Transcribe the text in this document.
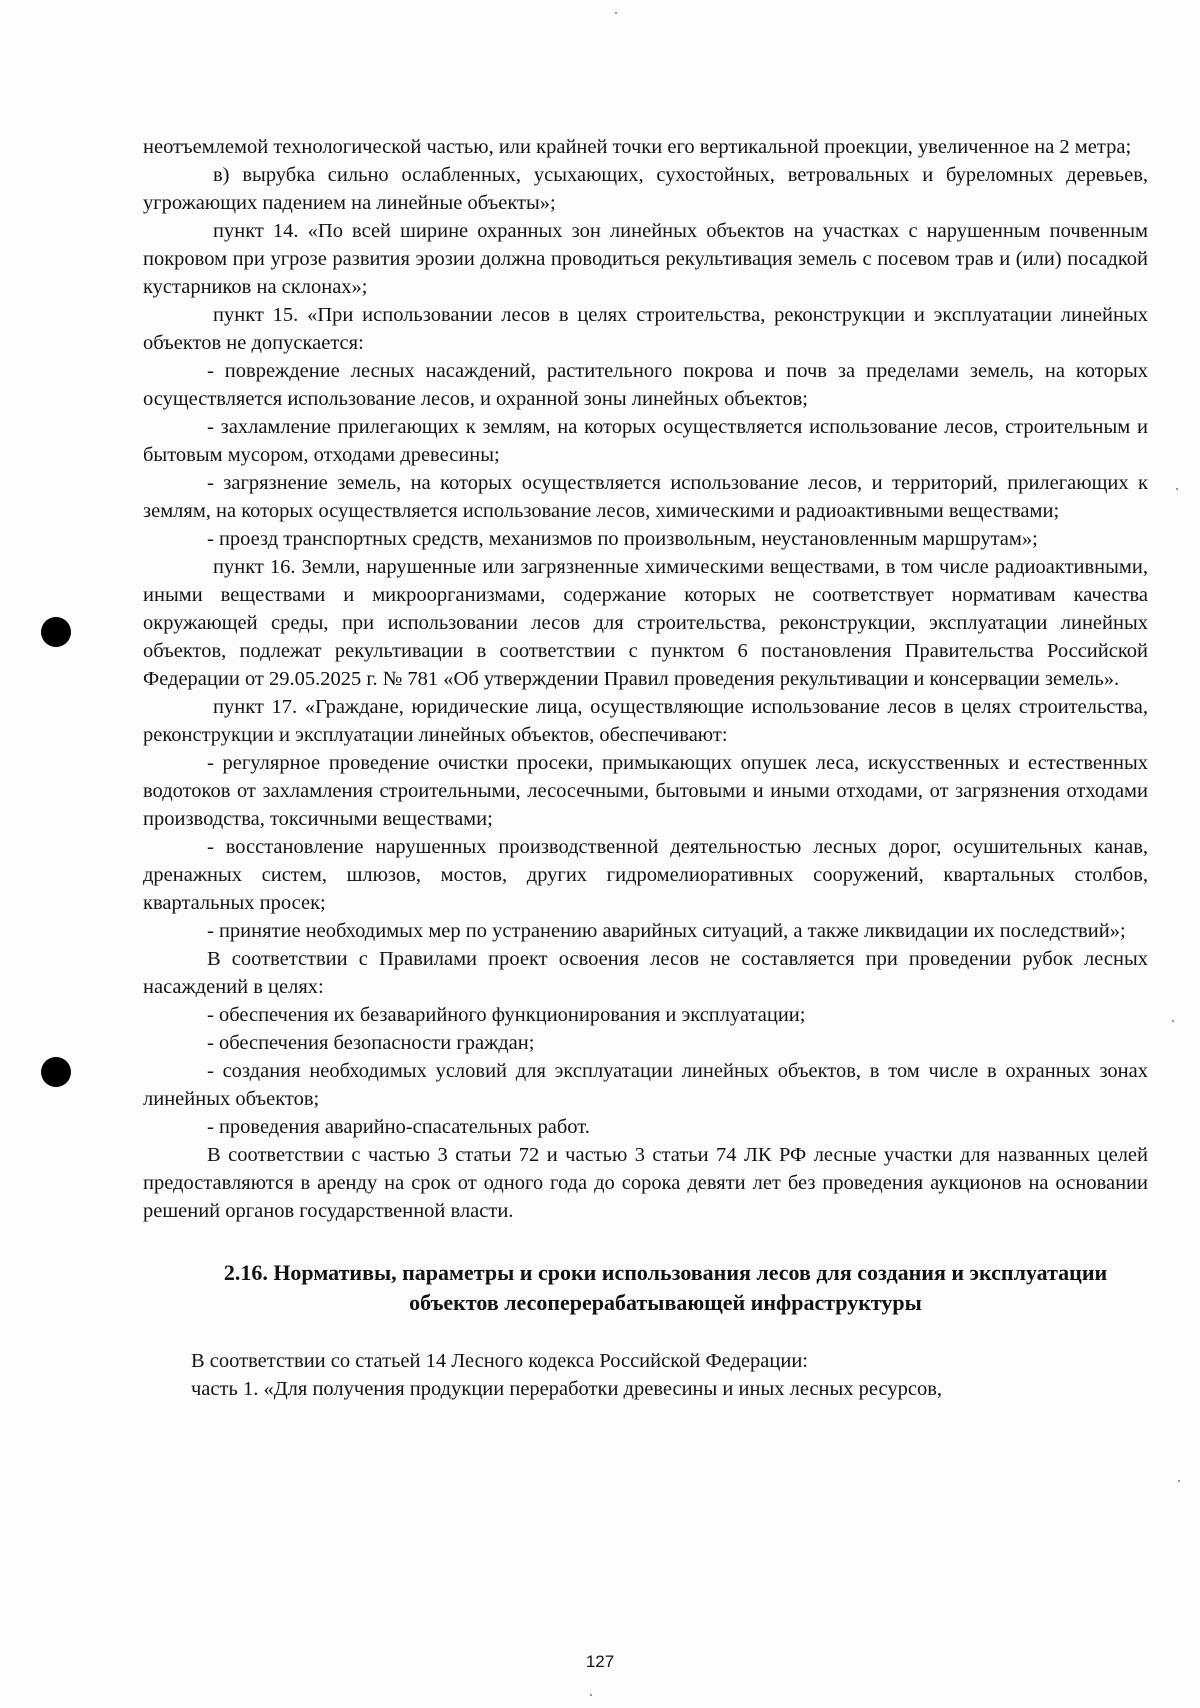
неотъемлемой технологической частью, или крайней точки его вертикальной проекции, увеличенное на 2 метра;

в) вырубка сильно ослабленных, усыхающих, сухостойных, ветровальных и буреломных деревьев, угрожающих падением на линейные объекты»;

пункт 14. «По всей ширине охранных зон линейных объектов на участках с нарушенным почвенным покровом при угрозе развития эрозии должна проводиться рекультивация земель с посевом трав и (или) посадкой кустарников на склонах»;

пункт 15. «При использовании лесов в целях строительства, реконструкции и эксплуатации линейных объектов не допускается:

- повреждение лесных насаждений, растительного покрова и почв за пределами земель, на которых осуществляется использование лесов, и охранной зоны линейных объектов;

- захламление прилегающих к землям, на которых осуществляется использование лесов, строительным и бытовым мусором, отходами древесины;

- загрязнение земель, на которых осуществляется использование лесов, и территорий, прилегающих к землям, на которых осуществляется использование лесов, химическими и радиоактивными веществами;

- проезд транспортных средств, механизмов по произвольным, неустановленным маршрутам»;

пункт 16. Земли, нарушенные или загрязненные химическими веществами, в том числе радиоактивными, иными веществами и микроорганизмами, содержание которых не соответствует нормативам качества окружающей среды, при использовании лесов для строительства, реконструкции, эксплуатации линейных объектов, подлежат рекультивации в соответствии с пунктом 6 постановления Правительства Российской Федерации от 29.05.2025 г. № 781 «Об утверждении Правил проведения рекультивации и консервации земель».

пункт 17. «Граждане, юридические лица, осуществляющие использование лесов в целях строительства, реконструкции и эксплуатации линейных объектов, обеспечивают:

- регулярное проведение очистки просеки, примыкающих опушек леса, искусственных и естественных водотоков от захламления строительными, лесосечными, бытовыми и иными отходами, от загрязнения отходами производства, токсичными веществами;

- восстановление нарушенных производственной деятельностью лесных дорог, осушительных канав, дренажных систем, шлюзов, мостов, других гидромелиоративных сооружений, квартальных столбов, квартальных просек;

- принятие необходимых мер по устранению аварийных ситуаций, а также ликвидации их последствий»;

В соответствии с Правилами проект освоения лесов не составляется при проведении рубок лесных насаждений в целях:

- обеспечения их безаварийного функционирования и эксплуатации;

- обеспечения безопасности граждан;

- создания необходимых условий для эксплуатации линейных объектов, в том числе в охранных зонах линейных объектов;

- проведения аварийно-спасательных работ.

В соответствии с частью 3 статьи 72 и частью 3 статьи 74 ЛК РФ лесные участки для названных целей предоставляются в аренду на срок от одного года до сорока девяти лет без проведения аукционов на основании решений органов государственной власти.

2.16. Нормативы, параметры и сроки использования лесов для создания и эксплуатации объектов лесоперерабатывающей инфраструктуры

В соответствии со статьей 14 Лесного кодекса Российской Федерации:

часть 1. «Для получения продукции переработки древесины и иных лесных ресурсов,

127
